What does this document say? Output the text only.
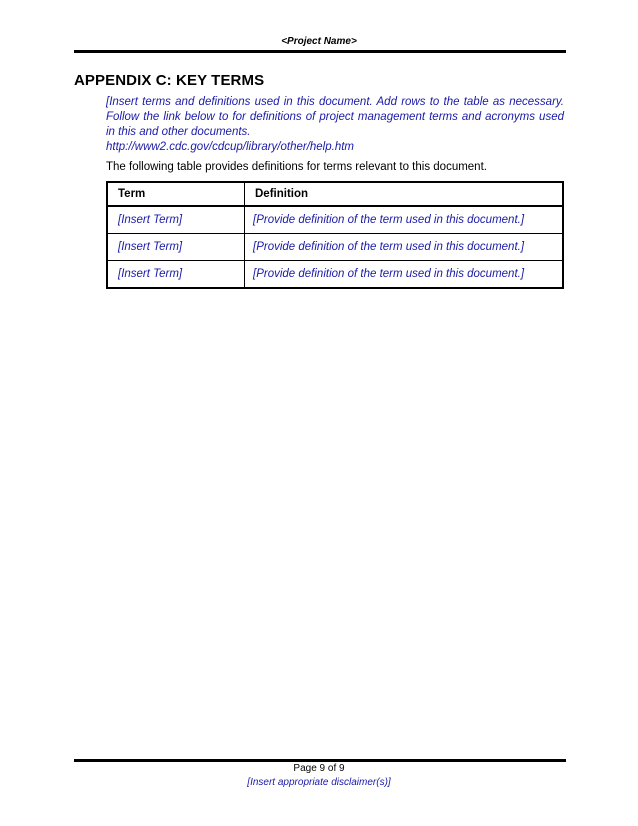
<Project Name>
APPENDIX C: KEY TERMS

[Insert terms and definitions used in this document. Add rows to the table as necessary. Follow the link below to for definitions of project management terms and acronyms used in this and other documents.

http://www2.cdc.gov/cdcup/library/other/help.htm

The following table provides definitions for terms relevant to this document.

Term	Definition
[Insert Term]	[Provide definition of the term used in this document.]
[Insert Term]	[Provide definition of the term used in this document.]
[Insert Term]	[Provide definition of the term used in this document.]
Page 9 of 9
[Insert appropriate disclaimer(s)]
